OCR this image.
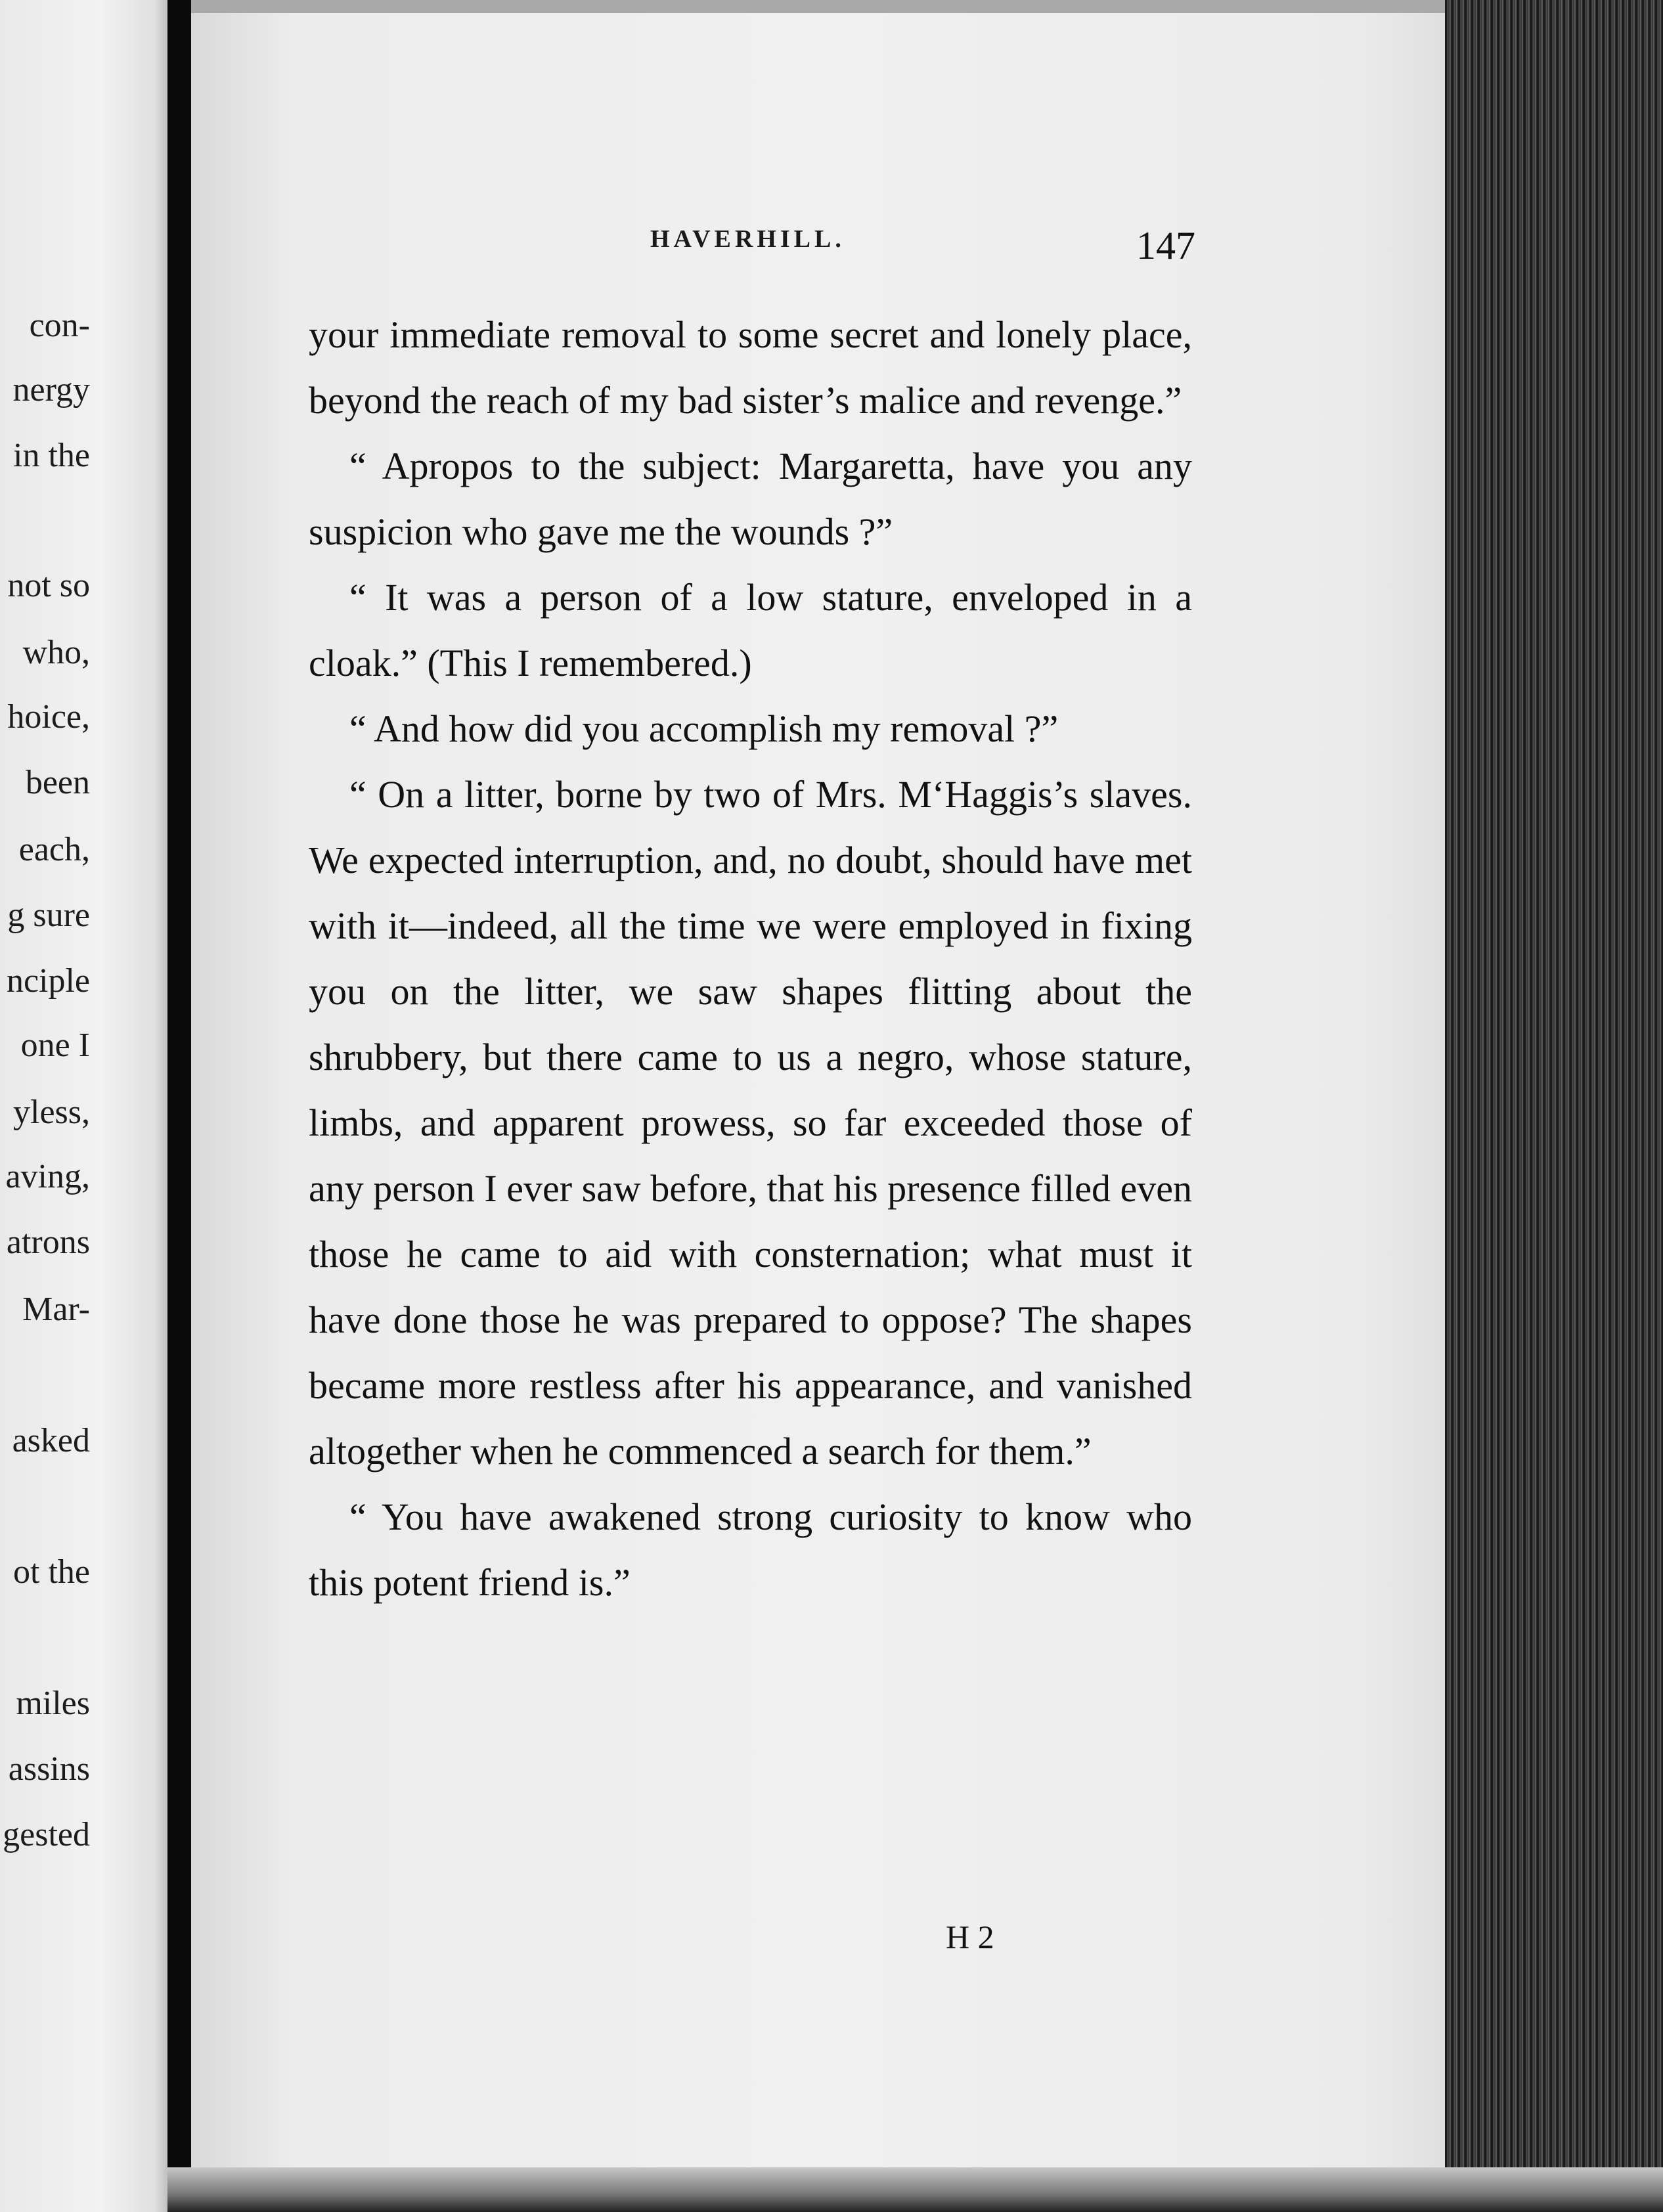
con-
nergy
in the
not so
who,
hoice,
been
each,
g sure
nciple
one I
yless,
aving,
atrons
Mar-
asked
ot the
miles
assins
gested
HAVERHILL.	147

your immediate removal to some secret and lonely place, beyond the reach of my bad sister’s malice and revenge.”

“ Apropos to the subject: Margaretta, have you any suspicion who gave me the wounds ?”

“ It was a person of a low stature, enveloped in a cloak.” (This I remembered.)

“ And how did you accomplish my removal ?”

“ On a litter, borne by two of Mrs. M‘Haggis’s slaves. We expected interruption, and, no doubt, should have met with it—indeed, all the time we were employed in fixing you on the litter, we saw shapes flitting about the shrubbery, but there came to us a negro, whose stature, limbs, and apparent prowess, so far exceeded those of any person I ever saw before, that his presence filled even those he came to aid with consternation; what must it have done those he was prepared to oppose? The shapes became more restless after his appearance, and vanished altogether when he commenced a search for them.”

“ You have awakened strong curiosity to know who this potent friend is.”

H 2
